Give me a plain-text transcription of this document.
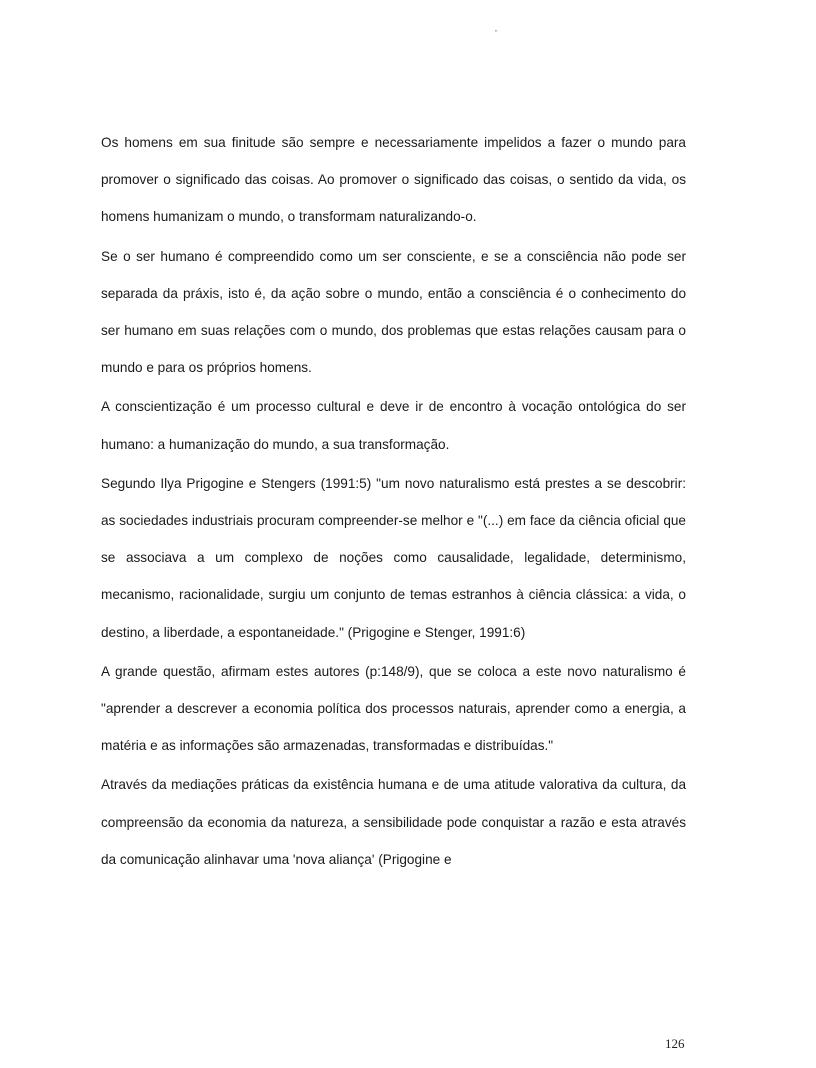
"

Os homens em sua finitude são sempre e necessariamente impelidos a fazer o mundo para promover o significado das coisas. Ao promover o significado das coisas, o sentido da vida, os homens humanizam o mundo, o transformam naturalizando-o.

Se o ser humano é compreendido como um ser consciente, e se a consciência não pode ser separada da práxis, isto é, da ação sobre o mundo, então a consciência é o conhecimento do ser humano em suas relações com o mundo, dos problemas que estas relações causam para o mundo e para os próprios homens.

A conscientização é um processo cultural e deve ir de encontro à vocação ontológica do ser humano: a humanização do mundo, a sua transformação.

Segundo Ilya Prigogine e Stengers (1991:5) "um novo naturalismo está prestes a se descobrir: as sociedades industriais procuram compreender-se melhor e "(...) em face da ciência oficial que se associava a um complexo de noções como causalidade, legalidade, determinismo, mecanismo, racionalidade, surgiu um conjunto de temas estranhos à ciência clássica: a vida, o destino, a liberdade, a espontaneidade." (Prigogine e Stenger, 1991:6)

A grande questão, afirmam estes autores (p:148/9), que se coloca a este novo naturalismo é "aprender a descrever a economia política dos processos naturais, aprender como a energia, a matéria e as informações são armazenadas, transformadas e distribuídas."

Através da mediações práticas da existência humana e de uma atitude valorativa da cultura, da compreensão da economia da natureza, a sensibilidade pode conquistar a razão e esta através da comunicação alinhavar uma 'nova aliança' (Prigogine e

126
